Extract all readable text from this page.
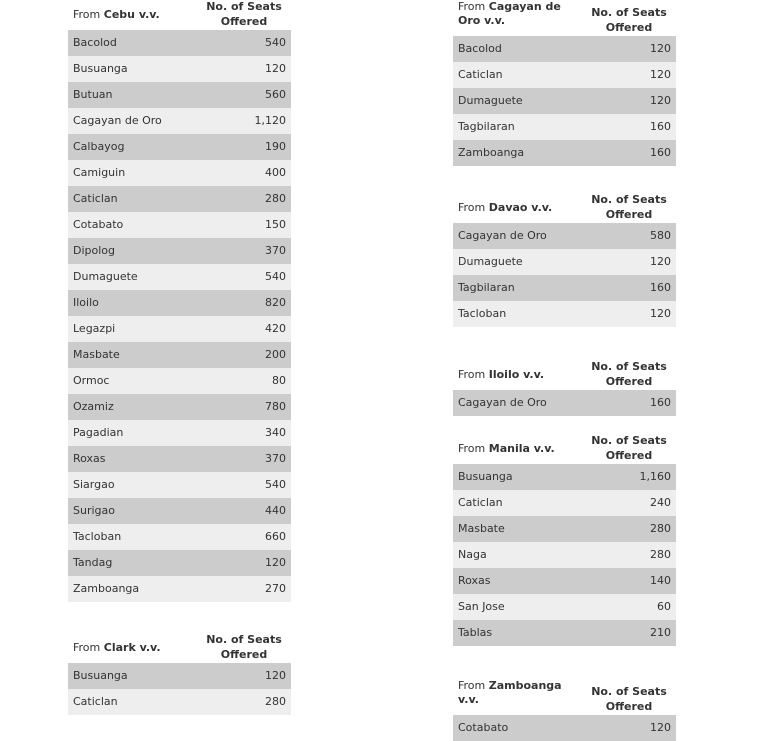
From Cebu v.v.	No. of Seats
Offered
Bacolod	540
Busuanga	120
Butuan	560
Cagayan de Oro	1,120
Calbayog	190
Camiguin	400
Caticlan	280
Cotabato	150
Dipolog	370
Dumaguete	540
Iloilo	820
Legazpi	420
Masbate	200
Ormoc	80
Ozamiz	780
Pagadian	340
Roxas	370
Siargao	540
Surigao	440
Tacloban	660
Tandag	120
Zamboanga	270
From Clark v.v.	No. of Seats
Offered
Busuanga	120
Caticlan	280
From Cagayan de Oro v.v.	No. of Seats
Offered
Bacolod	120
Caticlan	120
Dumaguete	120
Tagbilaran	160
Zamboanga	160
From Davao v.v.	No. of Seats
Offered
Cagayan de Oro	580
Dumaguete	120
Tagbilaran	160
Tacloban	120
From Iloilo v.v.	No. of Seats
Offered
Cagayan de Oro	160
From Manila v.v.	No. of Seats
Offered
Busuanga	1,160
Caticlan	240
Masbate	280
Naga	280
Roxas	140
San Jose	60
Tablas	210
From Zamboanga v.v.	No. of Seats
Offered
Cotabato	120
